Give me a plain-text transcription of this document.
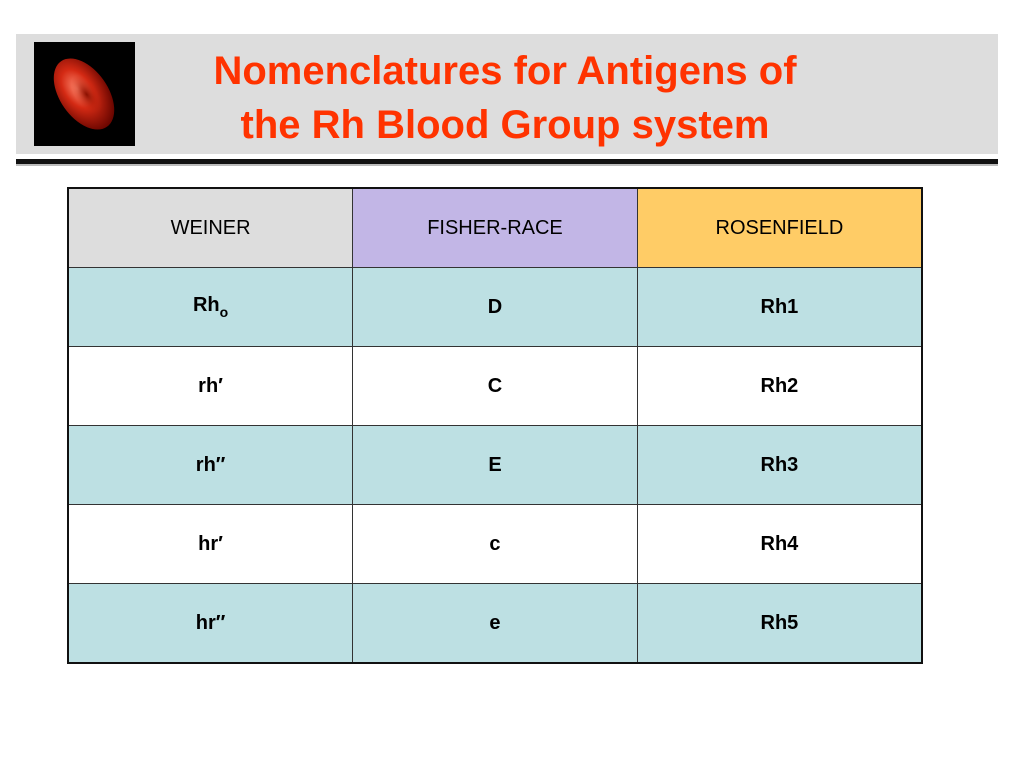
Nomenclatures for Antigens of
the Rh Blood Group system
WEINER	FISHER-RACE	ROSENFIELD
$Rh_o$	D	Rh1
rh′	C	Rh2
rh″	E	Rh3
hr′	c	Rh4
hr″	e	Rh5
